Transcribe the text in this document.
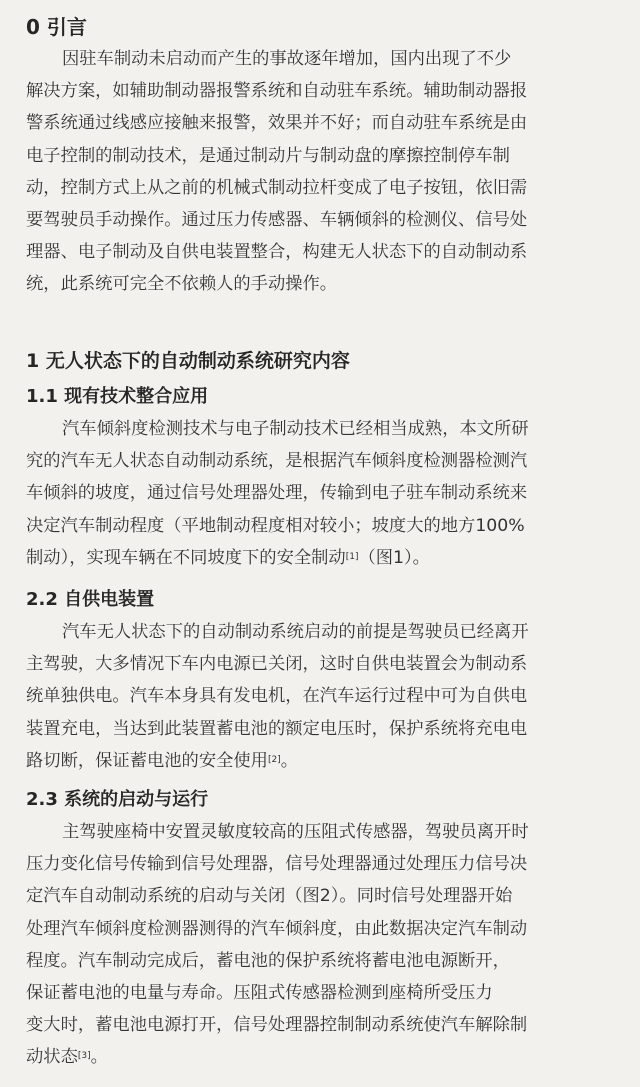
0 引言
因驻车制动未启动而产生的事故逐年增加，国内出现了不少
解决方案，如辅助制动器报警系统和自动驻车系统。辅助制动器报
警系统通过线感应接触来报警，效果并不好；而自动驻车系统是由
电子控制的制动技术，是通过制动片与制动盘的摩擦控制停车制
动，控制方式上从之前的机械式制动拉杆变成了电子按钮，依旧需
要驾驶员手动操作。通过压力传感器、车辆倾斜的检测仪、信号处
理器、电子制动及自供电装置整合，构建无人状态下的自动制动系
统，此系统可完全不依赖人的手动操作。
1 无人状态下的自动制动系统研究内容
1.1 现有技术整合应用
汽车倾斜度检测技术与电子制动技术已经相当成熟，本文所研
究的汽车无人状态自动制动系统，是根据汽车倾斜度检测器检测汽
车倾斜的坡度，通过信号处理器处理，传输到电子驻车制动系统来
决定汽车制动程度（平地制动程度相对较小；坡度大的地方100%
制动），实现车辆在不同坡度下的安全制动[1]（图1）。
2.2 自供电装置
汽车无人状态下的自动制动系统启动的前提是驾驶员已经离开
主驾驶，大多情况下车内电源已关闭，这时自供电装置会为制动系
统单独供电。汽车本身具有发电机，在汽车运行过程中可为自供电
装置充电，当达到此装置蓄电池的额定电压时，保护系统将充电电
路切断，保证蓄电池的安全使用[2]。
2.3 系统的启动与运行
主驾驶座椅中安置灵敏度较高的压阻式传感器，驾驶员离开时
压力变化信号传输到信号处理器，信号处理器通过处理压力信号决
定汽车自动制动系统的启动与关闭（图2）。同时信号处理器开始
处理汽车倾斜度检测器测得的汽车倾斜度，由此数据决定汽车制动
程度。汽车制动完成后，蓄电池的保护系统将蓄电池电源断开，
保证蓄电池的电量与寿命。压阻式传感器检测到座椅所受压力
变大时，蓄电池电源打开，信号处理器控制制动系统使汽车解除制
动状态[3]。
